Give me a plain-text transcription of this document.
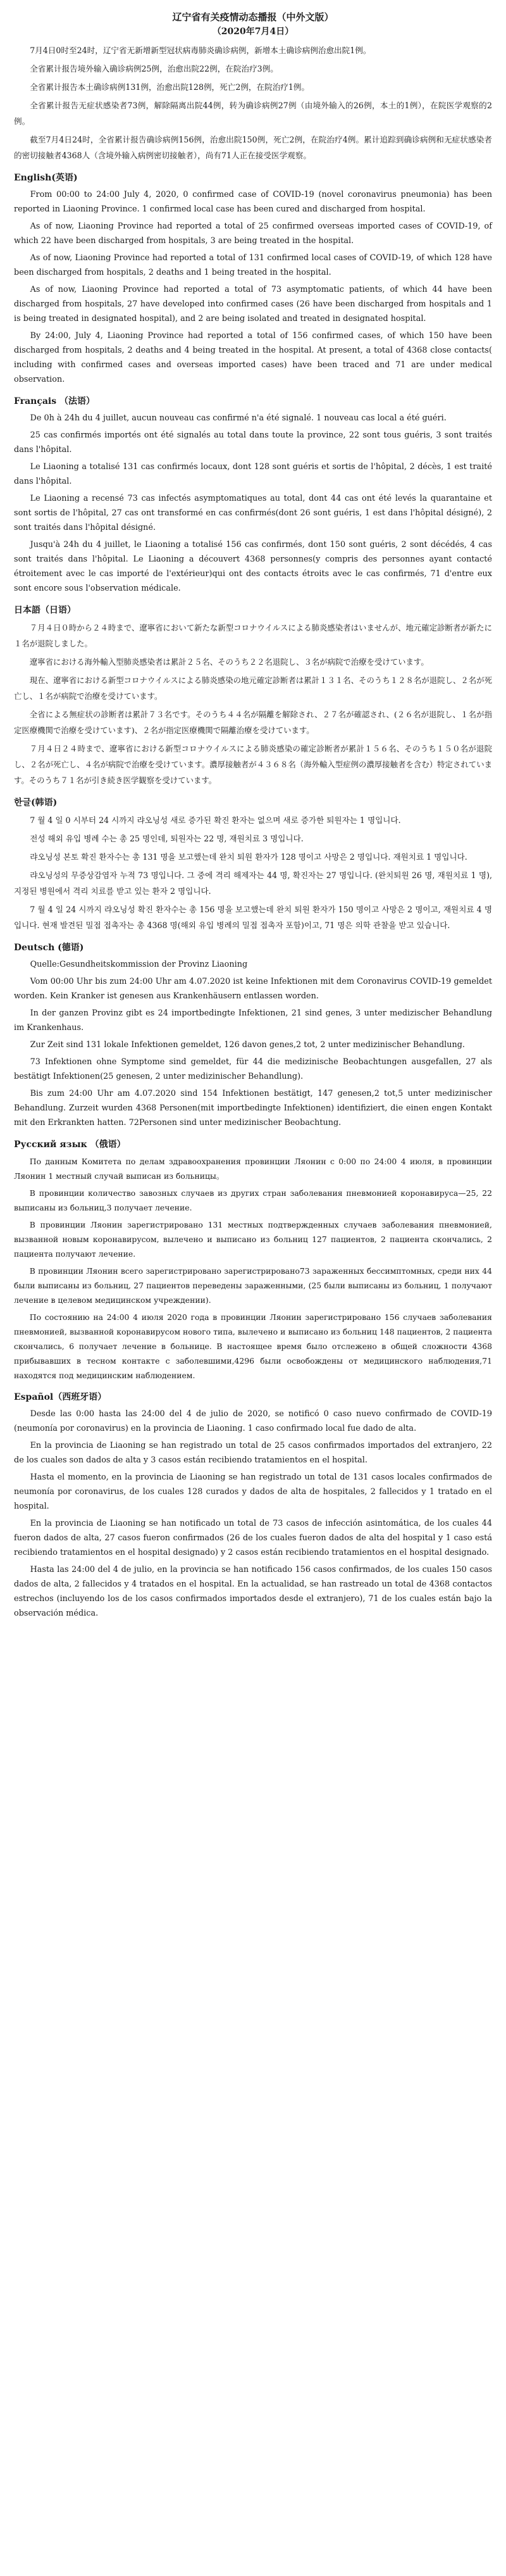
辽宁省有关疫情动态播报（中外文版）
（2020年7月4日）

7月4日0时至24时，辽宁省无新增新型冠状病毒肺炎确诊病例，新增本土确诊病例治愈出院1例。

全省累计报告境外输入确诊病例25例，治愈出院22例，在院治疗3例。

全省累计报告本土确诊病例131例，治愈出院128例，死亡2例，在院治疗1例。

全省累计报告无症状感染者73例，解除隔离出院44例，转为确诊病例27例（由境外输入的26例，本土的1例），在院医学观察的2例。

截至7月4日24时，全省累计报告确诊病例156例，治愈出院150例，死亡2例，在院治疗4例。累计追踪到确诊病例和无症状感染者的密切接触者4368人（含境外输入病例密切接触者），尚有71人正在接受医学观察。

English(英语)

From 00:00 to 24:00 July 4, 2020, 0 confirmed case of COVID-19 (novel coronavirus pneumonia) has been reported in Liaoning Province. 1 confirmed local case has been cured and discharged from hospital.

As of now, Liaoning Province had reported a total of 25 confirmed overseas imported cases of COVID-19, of which 22 have been discharged from hospitals, 3 are being treated in the hospital.

As of now, Liaoning Province had reported a total of 131 confirmed local cases of COVID-19, of which 128 have been discharged from hospitals, 2 deaths and 1 being treated in the hospital.

As of now, Liaoning Province had reported a total of 73 asymptomatic patients, of which 44 have been discharged from hospitals, 27 have developed into confirmed cases (26 have been discharged from hospitals and 1 is being treated in designated hospital), and 2 are being isolated and treated in designated hospital.

By 24:00, July 4, Liaoning Province had reported a total of 156 confirmed cases, of which 150 have been discharged from hospitals, 2 deaths and 4 being treated in the hospital. At present, a total of 4368 close contacts( including with confirmed cases and overseas imported cases) have been traced and 71 are under medical observation.

Français （法语）

De 0h à 24h du 4 juillet, aucun nouveau cas confirmé n'a été signalé. 1 nouveau cas local a été guéri.

25 cas confirmés importés ont été signalés au total dans toute la province, 22 sont tous guéris, 3 sont traités dans l'hôpital.

Le Liaoning a totalisé 131 cas confirmés locaux, dont 128 sont guéris et sortis de l'hôpital, 2 décès, 1 est traité dans l'hôpital.

Le Liaoning a recensé 73 cas infectés asymptomatiques au total, dont 44 cas ont été levés la quarantaine et sont sortis de l'hôpital, 27 cas ont transformé en cas confirmés(dont 26 sont guéris, 1 est dans l'hôpital désigné), 2 sont traités dans l'hôpital désigné.

Jusqu'à 24h du 4 juillet, le Liaoning a totalisé 156 cas confirmés, dont 150 sont guéris, 2 sont décédés, 4 cas sont traités dans l'hôpital. Le Liaoning a découvert 4368 personnes(y compris des personnes ayant contacté étroitement avec le cas importé de l'extérieur)qui ont des contacts étroits avec le cas confirmés, 71 d'entre eux sont encore sous l'observation médicale.

日本語（日语）

７月４日０時から２４時まで、遼寧省において新たな新型コロナウイルスによる肺炎感染者はいませんが、地元確定診断者が新たに１名が退院しました。

遼寧省における海外輸入型肺炎感染者は累計２５名、そのうち２２名退院し、３名が病院で治療を受けています。

現在、遼寧省における新型コロナウイルスによる肺炎感染の地元確定診断者は累計１３１名、そのうち１２８名が退院し、２名が死亡し、１名が病院で治療を受けています。

全省による無症状の診断者は累計７３名です。そのうち４４名が隔離を解除され、２７名が確認され、(２６名が退院し、１名が指定医療機関で治療を受けています)、２名が指定医療機関で隔離治療を受けています。

７月４日２４時まで、遼寧省における新型コロナウイルスによる肺炎感染の確定診断者が累計１５６名、そのうち１５０名が退院し、２名が死亡し、４名が病院で治療を受けています。濃厚接触者が４３６８名（海外輸入型症例の濃厚接触者を含む）特定されています。そのうち７１名が引き続き医学観察を受けています。

한글(韩语)

7 월 4 일 0 시부터 24 시까지 랴오닝성 새로 증가된 확진 환자는 없으며 새로 증가한 퇴원자는 1 명입니다.

전성 해외 유입 병례 수는 총 25 명인데, 퇴원자는 22 명, 재원치료 3 명입니다.

랴오닝성 본토 확진 환자수는 총 131 명을 보고했는데 완치 퇴원 환자가 128 명이고 사망은 2 명입니다. 재원치료 1 명입니다.

랴오닝성의 무증상감염자 누적 73 명입니다. 그 중에 격리 해제자는 44 명, 확진자는 27 명입니다. (완치퇴원 26 명, 재원치료 1 명), 지정된 병원에서 격리 치료를 받고 있는 환자 2 명입니다.

7 월 4 일 24 시까지 랴오닝성 확진 환자수는 총 156 명을 보고했는데 완치 퇴원 환자가 150 명이고 사망은 2 명이고, 재원치료 4 명입니다. 현재 발견된 밀접 접촉자는 총 4368 명(해외 유입 병례의 밀접 접촉자 포함)이고, 71 명은 의학 관찰을 받고 있습니다.

Deutsch (德语)

Quelle:Gesundheitskommission der Provinz Liaoning

Vom 00:00 Uhr bis zum 24:00 Uhr am 4.07.2020 ist keine Infektionen mit dem Coronavirus COVID-19 gemeldet worden. Kein Kranker ist genesen aus Krankenhäusern entlassen worden.

In der ganzen Provinz gibt es 24 importbedingte Infektionen, 21 sind genes, 3 unter medizischer Behandlung im Krankenhaus.

Zur Zeit sind 131 lokale Infektionen gemeldet, 126 davon genes,2 tot, 2 unter medizinischer Behandlung.

73 Infektionen ohne Symptome sind gemeldet, für 44 die medizinische Beobachtungen ausgefallen, 27 als bestätigt Infektionen(25 genesen, 2 unter medizinischer Behandlung).

Bis zum 24:00 Uhr am 4.07.2020 sind 154 Infektionen bestätigt, 147 genesen,2 tot,5 unter medizinischer Behandlung. Zurzeit wurden 4368 Personen(mit importbedingte Infektionen) identifiziert, die einen engen Kontakt mit den Erkrankten hatten. 72Personen sind unter medizinischer Beobachtung.

Русский язык （俄语）

По данным Комитета по делам здравоохранения провинции Ляонин с 0:00 по 24:00 4 июля, в провинции Ляонин 1 местный случай выписан из больницы。

В провинции количество завозных случаев из других стран заболевания пневмонией коронавируса—25, 22 выписаны из больниц,3 получает лечение.

В провинции Ляонин зарегистрировано 131 местных подтвержденных случаев заболевания пневмонией, вызванной новым коронавирусом, вылечено и выписано из больниц 127 пациентов, 2 пациента скончались, 2 пациента получают лечение.

В провинции Ляонин всего зарегистрировано зарегистрировано73 зараженных бессимптомных, среди них 44 были выписаны из больниц, 27 пациентов переведены зараженными, (25 были выписаны из больниц, 1 получают лечение в целевом медицинском учреждении).

По состоянию на 24:00 4 июля 2020 года в провинции Ляонин зарегистрировано 156 случаев заболевания пневмонией, вызванной коронавирусом нового типа, вылечено и выписано из больниц 148 пациентов, 2 пациента скончались, 6 получает лечение в больнице. В настоящее время было отслежено в общей сложности 4368 прибывавших в тесном контакте с заболевшими,4296 были освобождены от медицинского наблюдения,71 находятся под медицинским наблюдением.

Español（西班牙语）

Desde las 0:00 hasta las 24:00 del 4 de julio de 2020, se notificó 0 caso nuevo confirmado de COVID-19 (neumonía por coronavirus) en la provincia de Liaoning. 1 caso confirmado local fue dado de alta.

En la provincia de Liaoning se han registrado un total de 25 casos confirmados importados del extranjero, 22 de los cuales son dados de alta y 3 casos están recibiendo tratamientos en el hospital.

Hasta el momento, en la provincia de Liaoning se han registrado un total de 131 casos locales confirmados de neumonía por coronavirus, de los cuales 128 curados y dados de alta de hospitales, 2 fallecidos y 1 tratado en el hospital.

En la provincia de Liaoning se han notificado un total de 73 casos de infección asintomática, de los cuales 44 fueron dados de alta, 27 casos fueron confirmados (26 de los cuales fueron dados de alta del hospital y 1 caso está recibiendo tratamientos en el hospital designado) y 2 casos están recibiendo tratamientos en el hospital designado.

Hasta las 24:00 del 4 de julio, en la provincia se han notificado 156 casos confirmados, de los cuales 150 casos dados de alta, 2 fallecidos y 4 tratados en el hospital. En la actualidad, se han rastreado un total de 4368 contactos estrechos (incluyendo los de los casos confirmados importados desde el extranjero), 71 de los cuales están bajo la observación médica.
